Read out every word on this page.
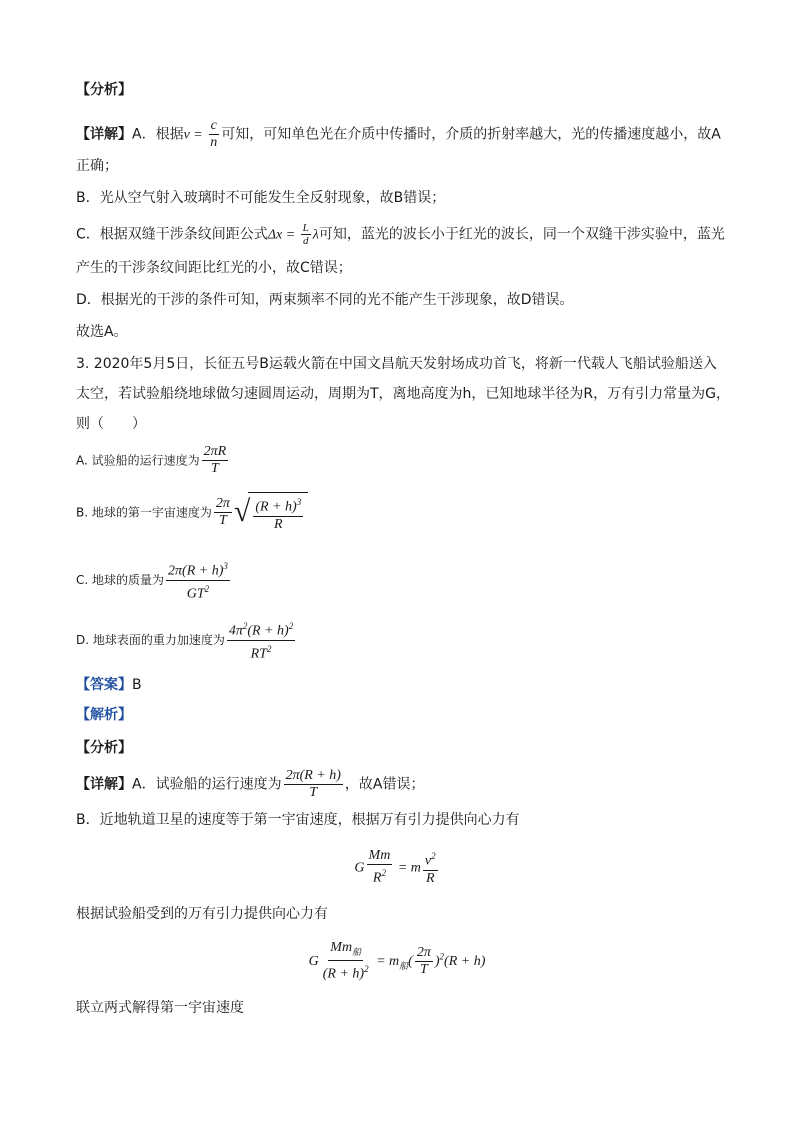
【分析】
【详解】A．根据$v = \frac{c}{n}$ 可知，可知单色光在介质中传播时，介质的折射率越大，光的传播速度越小，故A
正确；
B．光从空气射入玻璃时不可能发生全反射现象，故B错误；
C．根据双缝干涉条纹间距公式$\Delta x = \frac{L}{d}$ λ可知，蓝光的波长小于红光的波长，同一个双缝干涉实验中，蓝光
产生的干涉条纹间距比红光的小，故C错误；
D．根据光的干涉的条件可知，两束频率不同的光不能产生干涉现象，故D错误。
故选A。
3. 2020年5月5日，长征五号B运载火箭在中国文昌航天发射场成功首飞，将新一代载人飞船试验船送入
太空，若试验船绕地球做匀速圆周运动，周期为T，离地高度为h，已知地球半径为R，万有引力常量为G，
则（　　）
A. 试验船的运行速度为 $\frac{2\pi R}{T}$
B. 地球的第一宇宙速度为 $\frac{2\pi}{T}$ √ $\frac{(R + h)^3}{R}$
C. 地球的质量为 $\frac{2\pi(R + h)^3}{GT^2}$
D. 地球表面的重力加速度为 $\frac{4\pi^2(R + h)^2}{RT^2}$
【答案】B
【解析】
【分析】
【详解】A．试验船的运行速度为 $\frac{2\pi(R + h)}{T}$ ，故A错误；
B．近地轨道卫星的速度等于第一宇宙速度，根据万有引力提供向心力有
G $\frac{Mm}{R^2} = m \frac{v^2}{R}$
根据试验船受到的万有引力提供向心力有
G $\frac{Mm_船}{(R + h)^2} = m_船( \frac{2\pi}{T} )^2(R + h)$
联立两式解得第一宇宙速度
